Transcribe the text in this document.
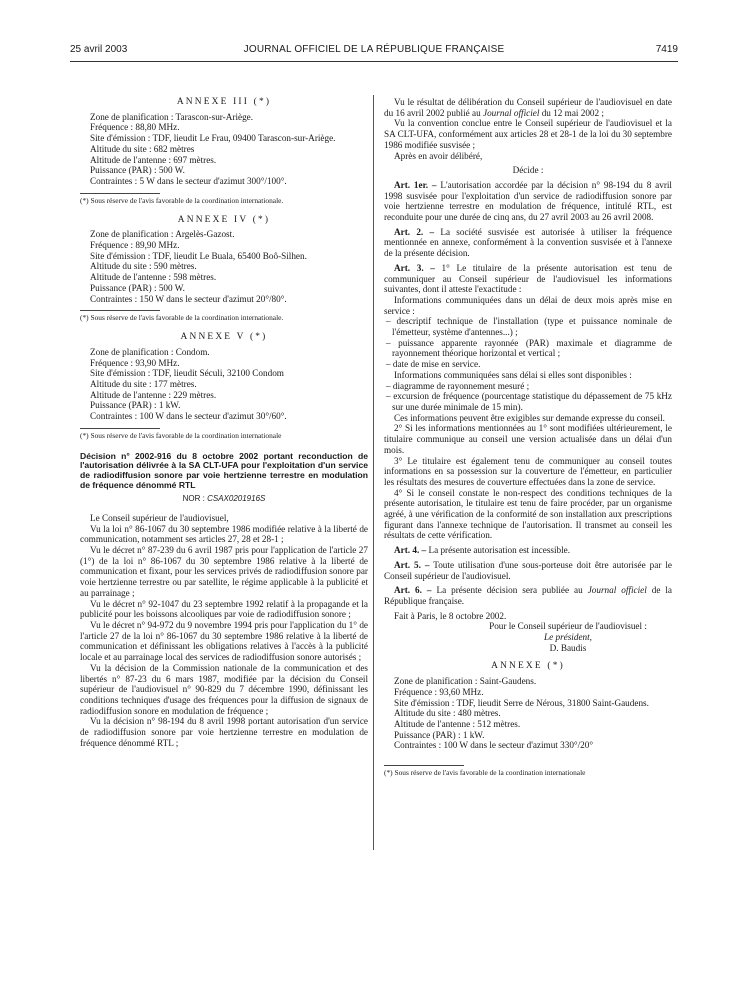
25 avril 2003	JOURNAL OFFICIEL DE LA RÉPUBLIQUE FRANÇAISE	7419
ANNEXE III (*)

Zone de planification : Tarascon-sur-Ariège.

Fréquence : 88,80 MHz.

Site d'émission : TDF, lieudit Le Frau, 09400 Tarascon-sur-Ariège.

Altitude du site : 682 mètres

Altitude de l'antenne : 697 mètres.

Puissance (PAR) : 500 W.

Contraintes : 5 W dans le secteur d'azimut 300°/100°.

(*) Sous réserve de l'avis favorable de la coordination internationale.
ANNEXE IV (*)

Zone de planification : Argelès-Gazost.

Fréquence : 89,90 MHz.

Site d'émission : TDF, lieudit Le Buala, 65400 Boô-Silhen.

Altitude du site : 590 mètres.

Altitude de l'antenne : 598 mètres.

Puissance (PAR) : 500 W.

Contraintes : 150 W dans le secteur d'azimut 20°/80°.

(*) Sous réserve de l'avis favorable de la coordination internationale.
ANNEXE V (*)

Zone de planification : Condom.

Fréquence : 93,90 MHz.

Site d'émission : TDF, lieudit Séculi, 32100 Condom

Altitude du site : 177 mètres.

Altitude de l'antenne : 229 mètres.

Puissance (PAR) : 1 kW.

Contraintes : 100 W dans le secteur d'azimut 30°/60°.

(*) Sous réserve de l'avis favorable de la coordination internationale
Décision n° 2002-916 du 8 octobre 2002 portant reconduction de l'autorisation délivrée à la SA CLT-UFA pour l'exploitation d'un service de radiodiffusion sonore par voie hertzienne terrestre en modulation de fréquence dénommé RTL
NOR : CSAX0201916S

Le Conseil supérieur de l'audiovisuel,

Vu la loi n° 86-1067 du 30 septembre 1986 modifiée relative à la liberté de communication, notamment ses articles 27, 28 et 28-1 ;

Vu le décret n° 87-239 du 6 avril 1987 pris pour l'application de l'article 27 (1°) de la loi n° 86-1067 du 30 septembre 1986 relative à la liberté de communication et fixant, pour les services privés de radiodiffusion sonore par voie hertzienne terrestre ou par satellite, le régime applicable à la publicité et au parrainage ;

Vu le décret n° 92-1047 du 23 septembre 1992 relatif à la propagande et la publicité pour les boissons alcooliques par voie de radiodiffusion sonore ;

Vu le décret n° 94-972 du 9 novembre 1994 pris pour l'application du 1° de l'article 27 de la loi n° 86-1067 du 30 septembre 1986 relative à la liberté de communication et définissant les obligations relatives à l'accès à la publicité locale et au parrainage local des services de radiodiffusion sonore autorisés ;

Vu la décision de la Commission nationale de la communication et des libertés n° 87-23 du 6 mars 1987, modifiée par la décision du Conseil supérieur de l'audiovisuel n° 90-829 du 7 décembre 1990, définissant les conditions techniques d'usage des fréquences pour la diffusion de signaux de radiodiffusion sonore en modulation de fréquence ;

Vu la décision n° 98-194 du 8 avril 1998 portant autorisation d'un service de radiodiffusion sonore par voie hertzienne terrestre en modulation de fréquence dénommé RTL ;

Vu le résultat de délibération du Conseil supérieur de l'audiovisuel en date du 16 avril 2002 publié au Journal officiel du 12 mai 2002 ;

Vu la convention conclue entre le Conseil supérieur de l'audiovisuel et la SA CLT-UFA, conformément aux articles 28 et 28-1 de la loi du 30 septembre 1986 modifiée susvisée ;

Après en avoir délibéré,

Décide :

Art. 1er. – L'autorisation accordée par la décision n° 98-194 du 8 avril 1998 susvisée pour l'exploitation d'un service de radiodiffusion sonore par voie hertzienne terrestre en modulation de fréquence, intitulé RTL, est reconduite pour une durée de cinq ans, du 27 avril 2003 au 26 avril 2008.

Art. 2. – La société susvisée est autorisée à utiliser la fréquence mentionnée en annexe, conformément à la convention susvisée et à l'annexe de la présente décision.

Art. 3. – 1° Le titulaire de la présente autorisation est tenu de communiquer au Conseil supérieur de l'audiovisuel les informations suivantes, dont il atteste l'exactitude :

Informations communiquées dans un délai de deux mois après mise en service :

– descriptif technique de l'installation (type et puissance nominale de l'émetteur, système d'antennes...) ;

– puissance apparente rayonnée (PAR) maximale et diagramme de rayonnement théorique horizontal et vertical ;

– date de mise en service.

Informations communiquées sans délai si elles sont disponibles :

– diagramme de rayonnement mesuré ;

– excursion de fréquence (pourcentage statistique du dépassement de 75 kHz sur une durée minimale de 15 min).

Ces informations peuvent être exigibles sur demande expresse du conseil.

2° Si les informations mentionnées au 1° sont modifiées ultérieurement, le titulaire communique au conseil une version actualisée dans un délai d'un mois.

3° Le titulaire est également tenu de communiquer au conseil toutes informations en sa possession sur la couverture de l'émetteur, en particulier les résultats des mesures de couverture effectuées dans la zone de service.

4° Si le conseil constate le non-respect des conditions techniques de la présente autorisation, le titulaire est tenu de faire procéder, par un organisme agréé, à une vérification de la conformité de son installation aux prescriptions figurant dans l'annexe technique de l'autorisation. Il transmet au conseil les résultats de cette vérification.

Art. 4. – La présente autorisation est incessible.

Art. 5. – Toute utilisation d'une sous-porteuse doit être autorisée par le Conseil supérieur de l'audiovisuel.

Art. 6. – La présente décision sera publiée au Journal officiel de la République française.

Fait à Paris, le 8 octobre 2002.

Pour le Conseil supérieur de l'audiovisuel :
Le président,
D. Baudis
ANNEXE (*)

Zone de planification : Saint-Gaudens.

Fréquence : 93,60 MHz.

Site d'émission : TDF, lieudit Serre de Nérous, 31800 Saint-Gaudens.

Altitude du site : 480 mètres.

Altitude de l'antenne : 512 mètres.

Puissance (PAR) : 1 kW.

Contraintes : 100 W dans le secteur d'azimut 330°/20°

(*) Sous réserve de l'avis favorable de la coordination internationale
